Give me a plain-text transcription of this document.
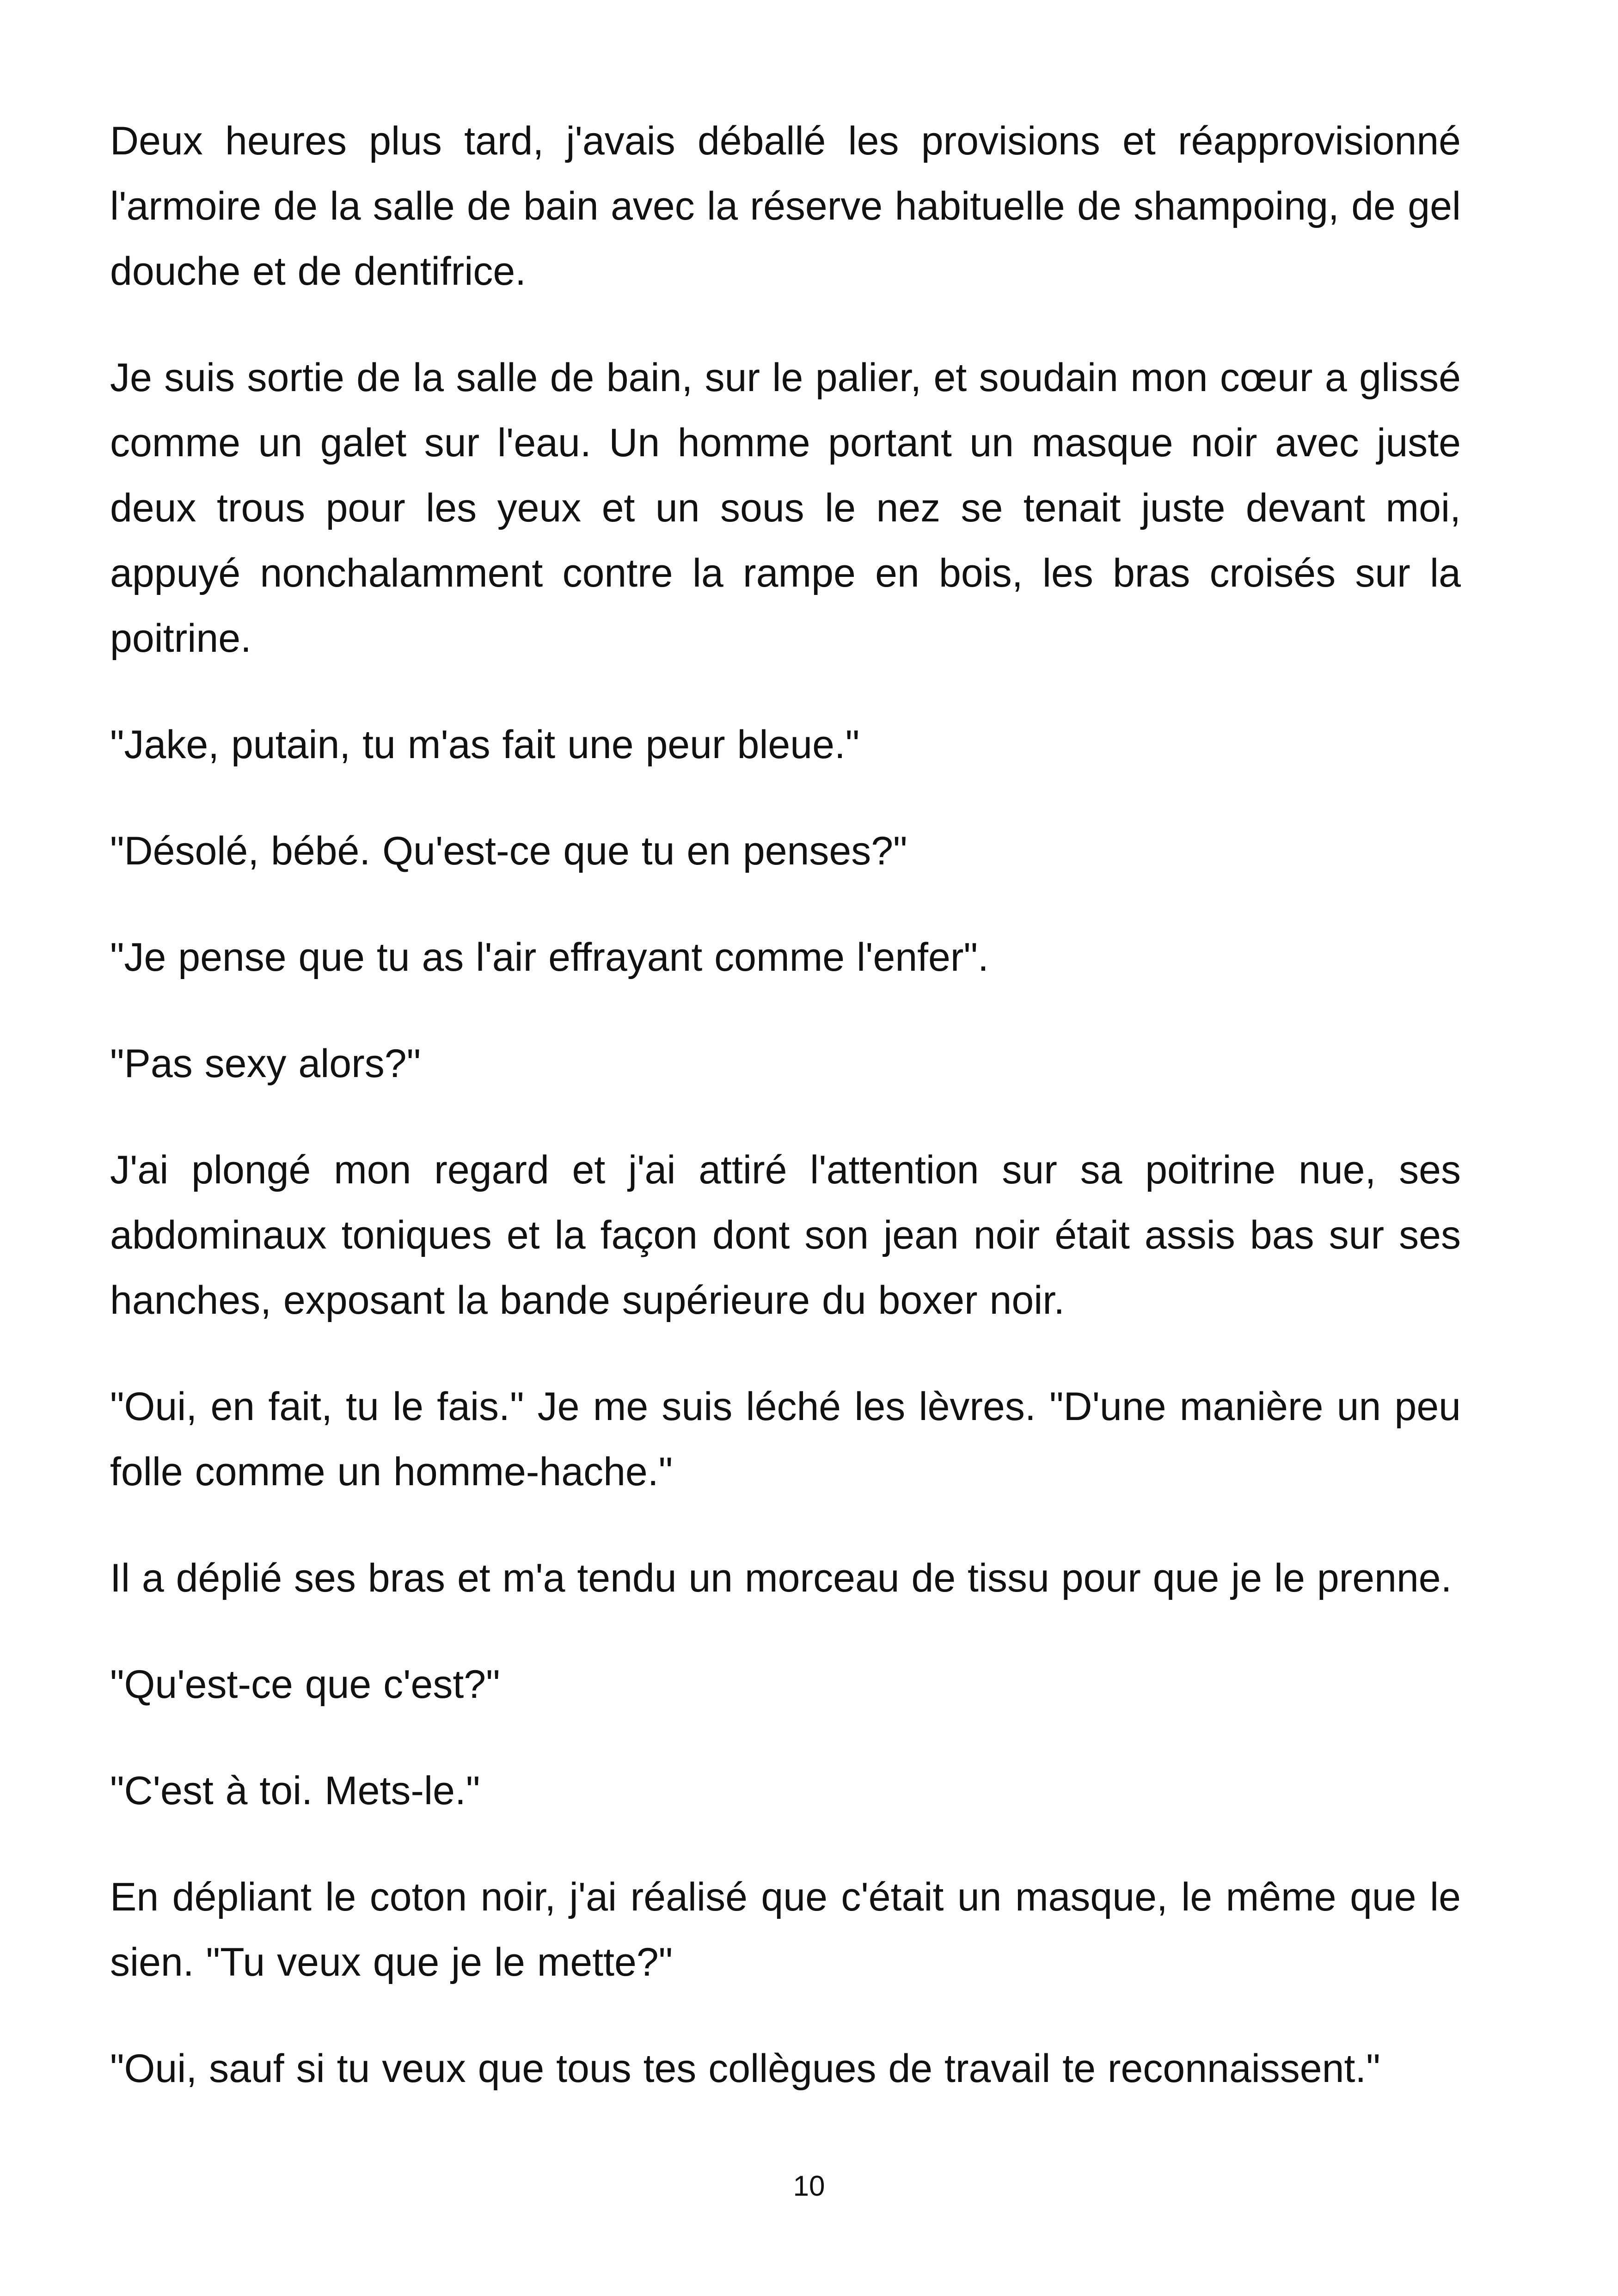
Deux heures plus tard, j'avais déballé les provisions et réapprovisionné l'armoire de la salle de bain avec la réserve habituelle de shampoing, de gel douche et de dentifrice.

Je suis sortie de la salle de bain, sur le palier, et soudain mon cœur a glissé comme un galet sur l'eau. Un homme portant un masque noir avec juste deux trous pour les yeux et un sous le nez se tenait juste devant moi, appuyé nonchalamment contre la rampe en bois, les bras croisés sur la poitrine.

"Jake, putain, tu m'as fait une peur bleue."

"Désolé, bébé. Qu'est-ce que tu en penses?"

"Je pense que tu as l'air effrayant comme l'enfer".

"Pas sexy alors?"

J'ai plongé mon regard et j'ai attiré l'attention sur sa poitrine nue, ses abdominaux toniques et la façon dont son jean noir était assis bas sur ses hanches, exposant la bande supérieure du boxer noir.

"Oui, en fait, tu le fais." Je me suis léché les lèvres. "D'une manière un peu folle comme un homme-hache."

Il a déplié ses bras et m'a tendu un morceau de tissu pour que je le prenne.

"Qu'est-ce que c'est?"

"C'est à toi. Mets-le."

En dépliant le coton noir, j'ai réalisé que c'était un masque, le même que le sien. "Tu veux que je le mette?"

"Oui, sauf si tu veux que tous tes collègues de travail te reconnaissent."

10
